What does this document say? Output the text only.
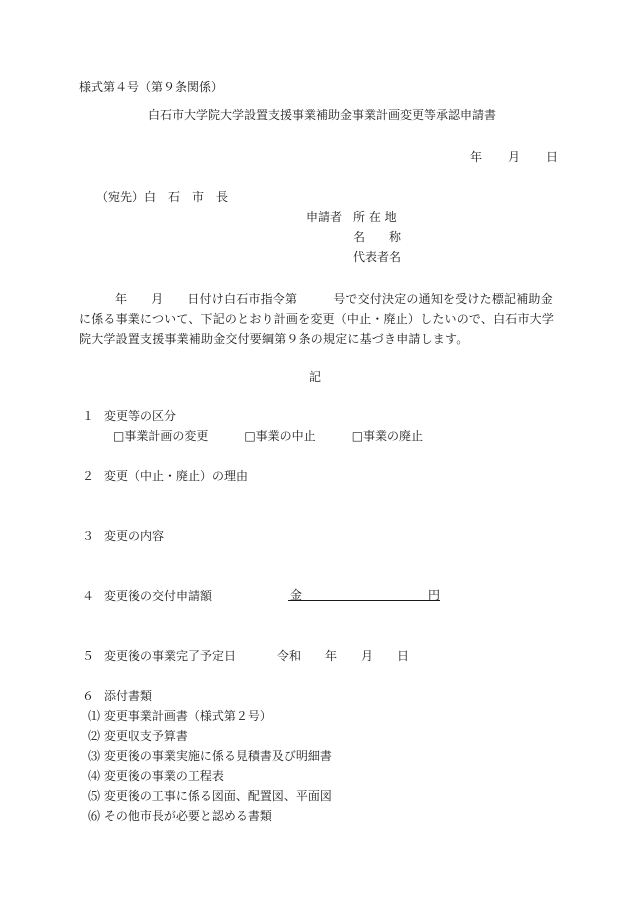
様式第４号（第９条関係）
白石市大学院大学設置支援事業補助金事業計画変更等承認申請書
年 月 日
（宛先）白　石　市　長
申請者 所 在 地
名　　称
代表者名
年 月 日付け白石市指令第	号で交付決定の通知を受けた標記補助金に係る事業について、下記のとおり計画を変更（中止・廃止）したいので、白石市大学院大学設置支援事業補助金交付要綱第９条の規定に基づき申請します。
記
１ 変更等の区分
□事業計画の変更	□事業の中止	□事業の廃止
２ 変更（中止・廃止）の理由
３ 変更の内容
４ 変更後の交付申請額	金	円
５ 変更後の事業完了予定日	令和 年 月 日
６ 添付書類
⑴ 変更事業計画書（様式第２号）
⑵ 変更収支予算書
⑶ 変更後の事業実施に係る見積書及び明細書
⑷ 変更後の事業の工程表
⑸ 変更後の工事に係る図面、配置図、平面図
⑹ その他市長が必要と認める書類
